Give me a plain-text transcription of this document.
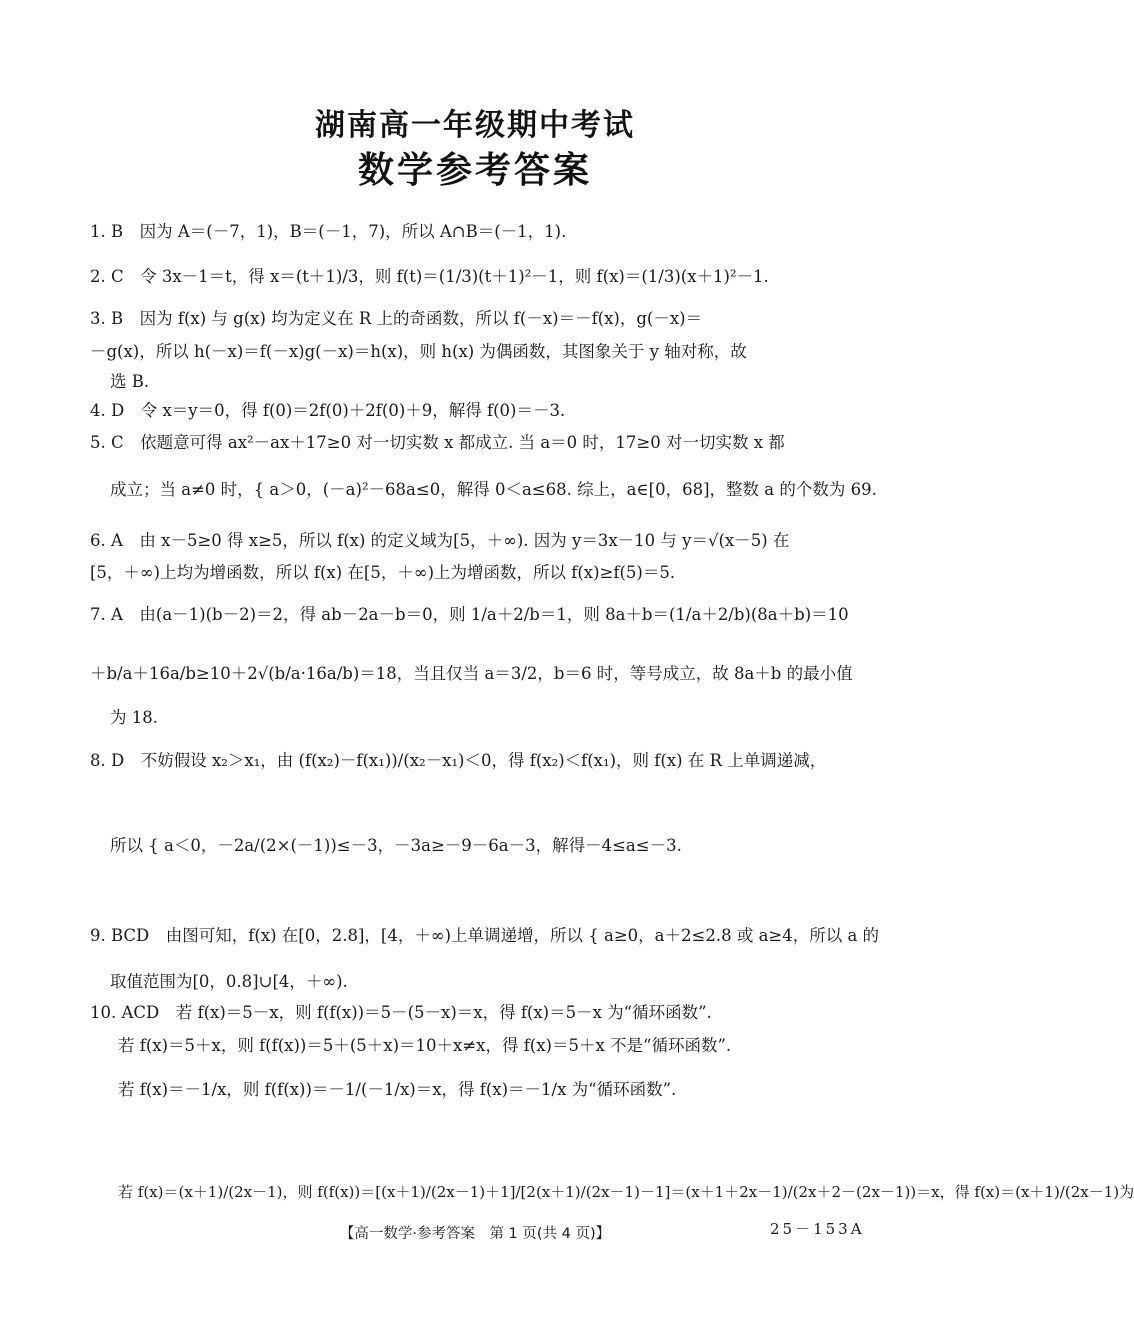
湖南高一年级期中考试
数学参考答案
1. B　因为 A＝(－7，1)，B＝(－1，7)，所以 A∩B＝(－1，1).
2. C　令 3x－1＝t，得 x＝(t＋1)/3，则 f(t)＝(1/3)(t＋1)²－1，则 f(x)＝(1/3)(x＋1)²－1.
3. B　因为 f(x) 与 g(x) 均为定义在 R 上的奇函数，所以 f(－x)＝－f(x)，g(－x)＝
－g(x)，所以 h(－x)＝f(－x)g(－x)＝h(x)，则 h(x) 为偶函数，其图象关于 y 轴对称，故
选 B.
4. D　令 x＝y＝0，得 f(0)＝2f(0)＋2f(0)＋9，解得 f(0)＝－3.
5. C　依题意可得 ax²－ax＋17≥0 对一切实数 x 都成立. 当 a＝0 时，17≥0 对一切实数 x 都
成立；当 a≠0 时，{ a＞0，(－a)²－68a≤0，解得 0＜a≤68. 综上，a∈[0，68]，整数 a 的个数为 69.
6. A　由 x－5≥0 得 x≥5，所以 f(x) 的定义域为[5，＋∞). 因为 y＝3x－10 与 y＝√(x－5) 在
[5，＋∞)上均为增函数，所以 f(x) 在[5，＋∞)上为增函数，所以 f(x)≥f(5)＝5.
7. A　由(a－1)(b－2)＝2，得 ab－2a－b＝0，则 1/a＋2/b＝1，则 8a＋b＝(1/a＋2/b)(8a＋b)＝10
＋b/a＋16a/b≥10＋2√(b/a·16a/b)＝18，当且仅当 a＝3/2，b＝6 时，等号成立，故 8a＋b 的最小值
为 18.
8. D　不妨假设 x₂＞x₁，由 (f(x₂)－f(x₁))/(x₂－x₁)＜0，得 f(x₂)＜f(x₁)，则 f(x) 在 R 上单调递减，
所以 { a＜0，－2a/(2×(－1))≤－3，－3a≥－9－6a－3，解得－4≤a≤－3.
9. BCD　由图可知，f(x) 在[0，2.8]，[4，＋∞)上单调递增，所以 { a≥0，a＋2≤2.8 或 a≥4，所以 a 的
取值范围为[0，0.8]∪[4，＋∞).
10. ACD　若 f(x)＝5－x，则 f(f(x))＝5－(5－x)＝x，得 f(x)＝5－x 为“循环函数”.
若 f(x)＝5＋x，则 f(f(x))＝5＋(5＋x)＝10＋x≠x，得 f(x)＝5＋x 不是“循环函数”.
若 f(x)＝－1/x，则 f(f(x))＝－1/(－1/x)＝x，得 f(x)＝－1/x 为“循环函数”.
若 f(x)＝(x＋1)/(2x－1)，则 f(f(x))＝[(x＋1)/(2x－1)＋1]/[2(x＋1)/(2x－1)－1]＝(x＋1＋2x－1)/(2x＋2－(2x－1))＝x，得 f(x)＝(x＋1)/(2x－1)为
【高一数学·参考答案　第 1 页(共 4 页)】	25－153A
